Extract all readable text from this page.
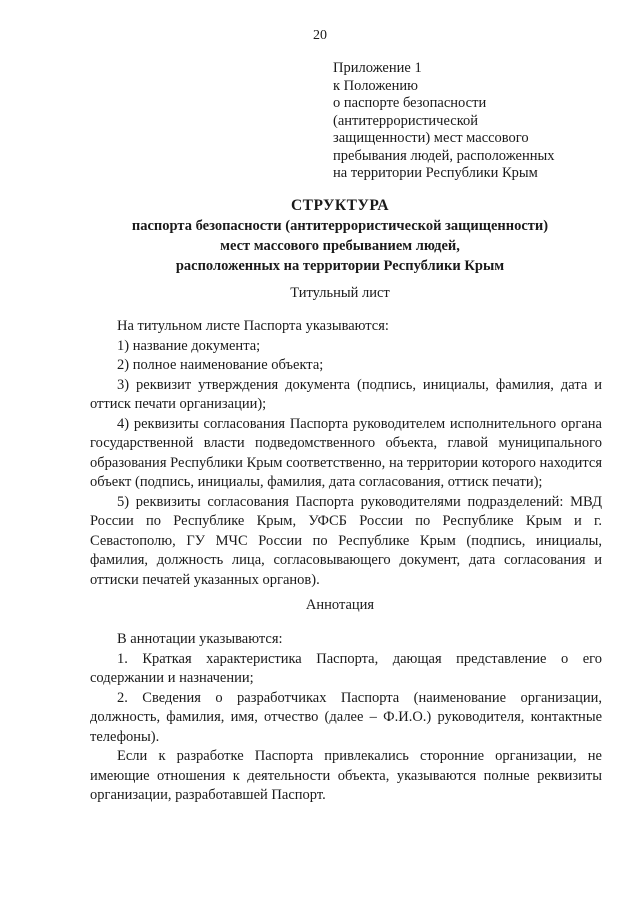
20
Приложение 1
к Положению
о паспорте безопасности
(антитеррористической
защищенности) мест массового
пребывания людей, расположенных
на территории Республики Крым
СТРУКТУРА
паспорта безопасности (антитеррористической защищенности)
мест массового пребыванием людей,
расположенных на территории Республики Крым
Титульный лист

На титульном листе Паспорта указываются:

1) название документа;

2) полное наименование объекта;

3) реквизит утверждения документа (подпись, инициалы, фамилия, дата и оттиск печати организации);

4) реквизиты согласования Паспорта руководителем исполнительного органа государственной власти подведомственного объекта, главой муниципального образования Республики Крым соответственно, на территории которого находится объект (подпись, инициалы, фамилия, дата согласования, оттиск печати);

5) реквизиты согласования Паспорта руководителями подразделений: МВД России по Республике Крым, УФСБ России по Республике Крым и г. Севастополю, ГУ МЧС России по Республике Крым (подпись, инициалы, фамилия, должность лица, согласовывающего документ, дата согласования и оттиски печатей указанных органов).

Аннотация

В аннотации указываются:

1. Краткая характеристика Паспорта, дающая представление о его содержании и назначении;

2. Сведения о разработчиках Паспорта (наименование организации, должность, фамилия, имя, отчество (далее – Ф.И.О.) руководителя, контактные телефоны).

Если к разработке Паспорта привлекались сторонние организации, не имеющие отношения к деятельности объекта, указываются полные реквизиты организации, разработавшей Паспорт.
